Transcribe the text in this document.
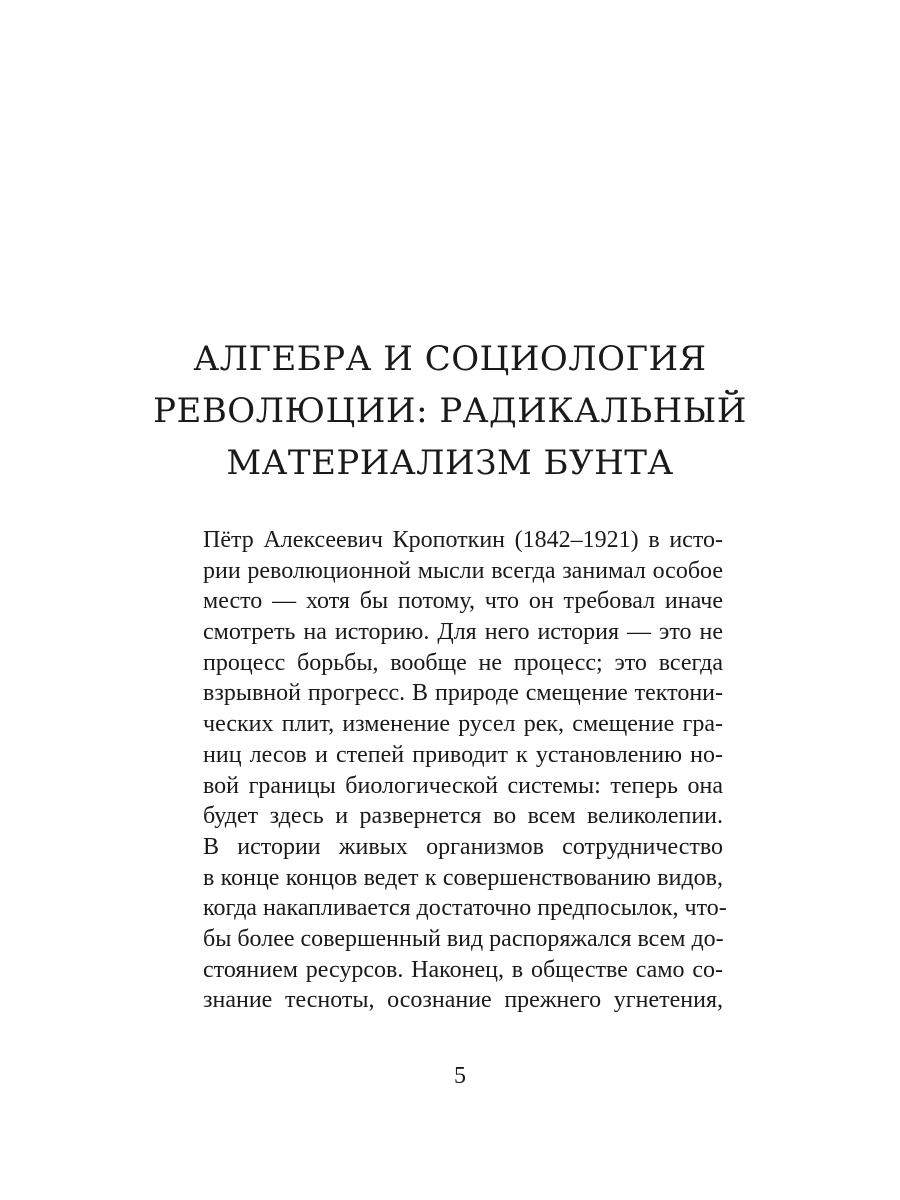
АЛГЕБРА И СОЦИОЛОГИЯ
РЕВОЛЮЦИИ: РАДИКАЛЬНЫЙ
МАТЕРИАЛИЗМ БУНТА
Пётр Алексеевич Кропоткин (1842–1921) в исто-
рии революционной мысли всегда занимал особое
место — хотя бы потому, что он требовал иначе
смотреть на историю. Для него история — это не
процесс борьбы, вообще не процесс; это всегда
взрывной прогресс. В природе смещение тектони-
ческих плит, изменение русел рек, смещение гра-
ниц лесов и степей приводит к установлению но-
вой границы биологической системы: теперь она
будет здесь и развернется во всем великолепии.
В истории живых организмов сотрудничество
в конце концов ведет к совершенствованию видов,
когда накапливается достаточно предпосылок, что-
бы более совершенный вид распоряжался всем до-
стоянием ресурсов. Наконец, в обществе само со-
знание тесноты, осознание прежнего угнетения,
5
